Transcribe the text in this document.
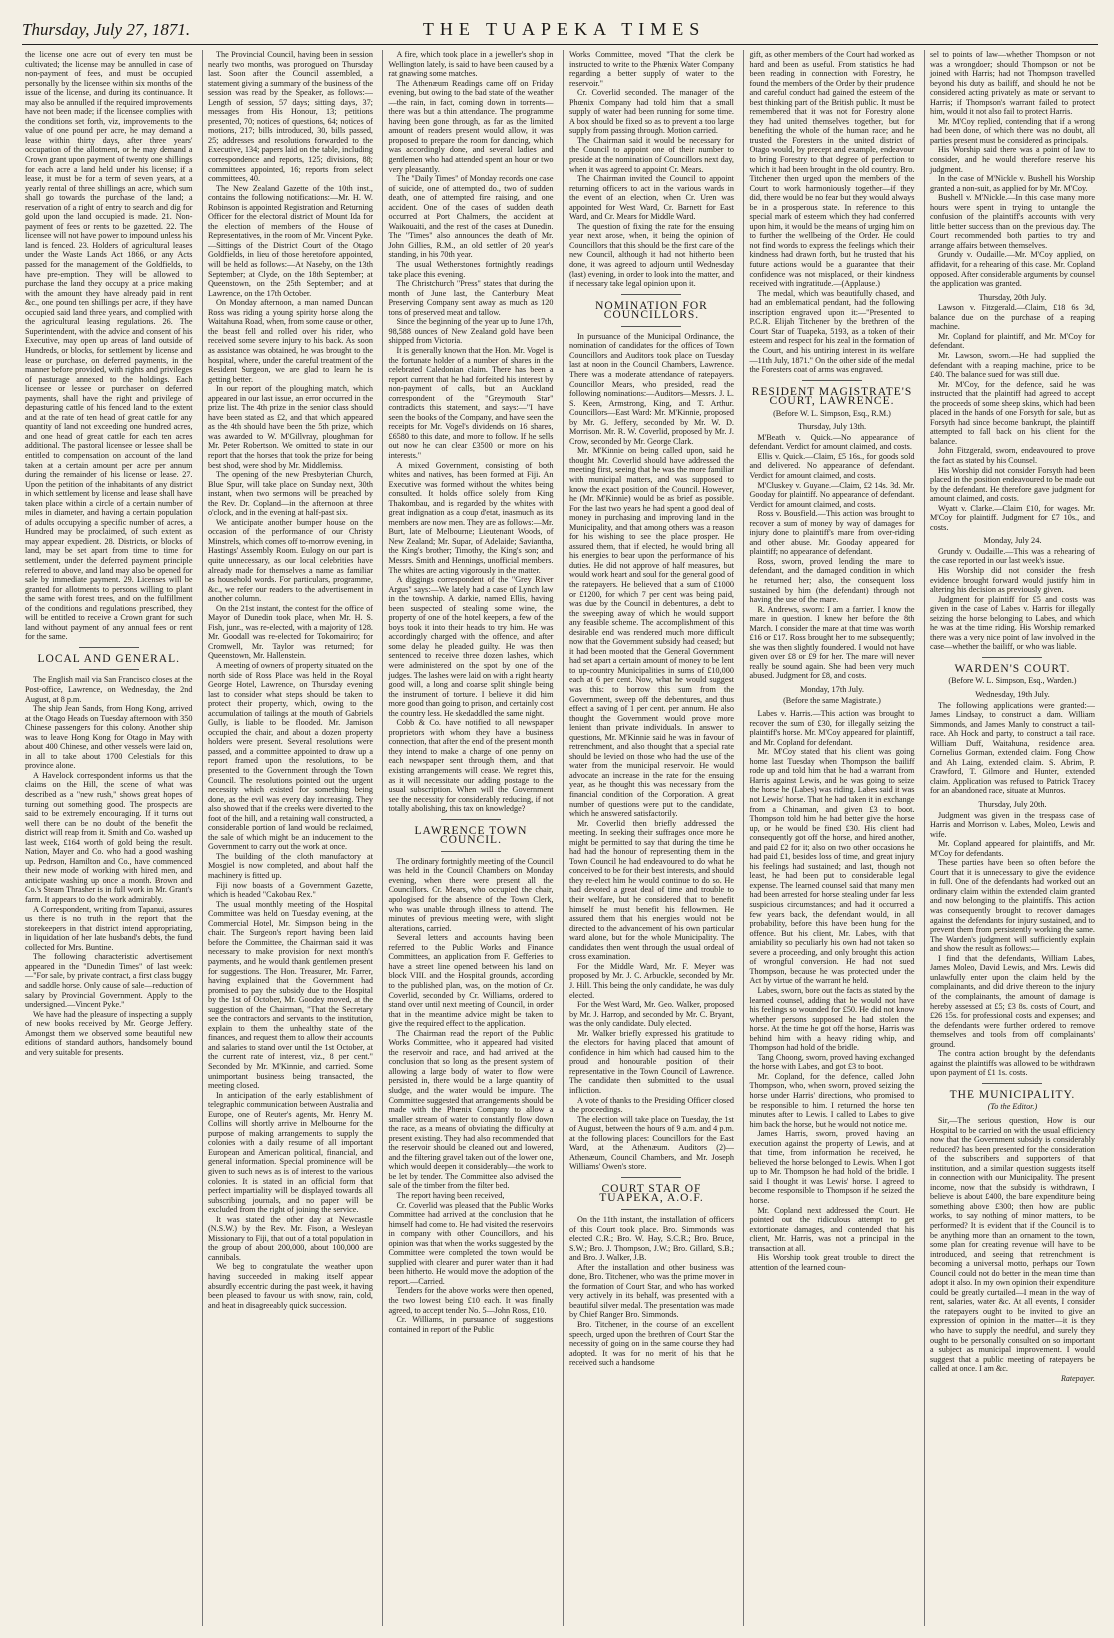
Thursday, July 27, 1871.	THE TUAPEKA TIMES

the license one acre out of every ten must be cultivated; the license may be annulled in case of non-payment of fees, and must be occupied personally by the licensee within six months of the issue of the license, and during its continuance. It may also be annulled if the required improvements have not been made; if the licensee complies with the conditions set forth, viz, improvements to the value of one pound per acre, he may demand a lease within thirty days, after three years' occupation of the allotment, or he may demand a Crown grant upon payment of twenty one shillings for each acre a land held under his license; if a lease, it must be for a term of seven years, at a yearly rental of three shillings an acre, which sum shall go towards the purchase of the land; a reservation of a right of entry to search and dig for gold upon the land occupied is made. 21. Non-payment of fees or rents to be gazetted. 22. The licensee will not have power to impound unless his land is fenced. 23. Holders of agricultural leases under the Waste Lands Act 1866, or any Acts passed for the management of the Goldfields, to have pre-emption. They will be allowed to purchase the land they occupy at a price making with the amount they have already paid in rent &c., one pound ten shillings per acre, if they have occupied said land three years, and complied with the agricultural leasing regulations. 26. The Superintendent, with the advice and consent of his Executive, may open up areas of land outside of Hundreds, or blocks, for settlement by license and lease or purchase, on deferred payments, in the manner before provided, with rights and privileges of pasturage annexed to the holdings. Each licensee or lessee or purchaser on deferred payments, shall have the right and privilege of depasturing cattle of his fenced land to the extent and at the rate of ten head of great cattle for any quantity of land not exceeding one hundred acres, and one head of great cattle for each ten acres additional. The pastoral licensee or lessee shall be entitled to compensation on account of the land taken at a certain amount per acre per annum during the remainder of his license or lease. 27. Upon the petition of the inhabitants of any district in which settlement by license and lease shall have taken place within a circle of a certain number of miles in diameter, and having a certain population of adults occupying a specific number of acres, a Hundred may be proclaimed, of such extent as may appear expedient. 28. Districts, or blocks of land, may be set apart from time to time for settlement, under the deferred payment principle referred to above, and land may also be opened for sale by immediate payment. 29. Licenses will be granted for allotments to persons willing to plant the same with forest trees, and on the fulfillment of the conditions and regulations prescribed, they will be entitled to receive a Crown grant for such land without payment of any annual fees or rent for the same.

LOCAL AND GENERAL.

The English mail via San Francisco closes at the Post-office, Lawrence, on Wednesday, the 2nd August, at 8 p.m.

The ship Jean Sands, from Hong Kong, arrived at the Otago Heads on Tuesday afternoon with 350 Chinese passengers for this colony. Another ship was to leave Hong Kong for Otago in May with about 400 Chinese, and other vessels were laid on, in all to take about 1700 Celestials for this province alone.

A Havelock correspondent informs us that the claims on the Hill, the scene of what was described as a "new rush," shows great hopes of turning out something good. The prospects are said to be extremely encouraging. If it turns out well there can be no doubt of the benefit the district will reap from it. Smith and Co. washed up last week, £164 worth of gold being the result. Nation, Mayer and Co. who had a good washing up. Pedrson, Hamilton and Co., have commenced their new mode of working with hired men, and anticipate washing up once a month. Brown and Co.'s Steam Thrasher is in full work in Mr. Grant's farm. It appears to do the work admirably.

A Correspondent, writing from Tapanui, assures us there is no truth in the report that the storekeepers in that district intend appropriating, in liquidation of her late husband's debts, the fund collected for Mrs. Buntine.

The following characteristic advertisement appeared in the "Dunedin Times" of last week:—"For sale, by private contract, a first class buggy and saddle horse. Only cause of sale—reduction of salary by Provincial Government. Apply to the undersigned.—Vincent Pyke."

We have had the pleasure of inspecting a supply of new books received by Mr. George Jeffery. Amongst them we observed some beautiful new editions of standard authors, handsomely bound and very suitable for presents.

The Provincial Council, having been in session nearly two months, was prorogued on Thursday last. Soon after the Council assembled, a statement giving a summary of the business of the session was read by the Speaker, as follows:—Length of session, 57 days; sitting days, 37; messages from His Honour, 13; petitions presented, 70; notices of questions, 64; notices of motions, 217; bills introduced, 30, bills passed, 25; addresses and resolutions forwarded to the Executive, 134; papers laid on the table, including correspondence and reports, 125; divisions, 88; committees appointed, 16; reports from select committees, 40.

The New Zealand Gazette of the 10th inst., contains the following notifications:—Mr. H. W. Robinson is appointed Registration and Returning Officer for the electoral district of Mount Ida for the election of members of the House of Representatives, in the room of Mr. Vincent Pyke.—Sittings of the District Court of the Otago Goldfields, in lieu of those heretofore appointed, will be held as follows:—At Naseby, on the 13th September; at Clyde, on the 18th September; at Queenstown, on the 25th September; and at Lawrence, on the 17th October.

On Monday afternoon, a man named Duncan Ross was riding a young spirity horse along the Waitahuna Road, when, from some cause or other, the beast fell and rolled over his rider, who received some severe injury to his back. As soon as assistance was obtained, he was brought to the hospital, where, under the careful treatment of the Resident Surgeon, we are glad to learn he is getting better.

In our report of the ploughing match, which appeared in our last issue, an error occurred in the prize list. The 4th prize in the senior class should have been stated as £2, and that which appeared as the 4th should have been the 5th prize, which was awarded to W. M'Gillvray, ploughman for Mr. Peter Robertson. We omitted to state in our report that the horses that took the prize for being best shod, were shod by Mr. Middlemiss.

The opening of the new Presbyterian Church, Blue Spur, will take place on Sunday next, 30th instant, when two sermons will be preached by the Rev. Dr. Copland—in the afternoon at three o'clock, and in the evening at half-past six.

We anticipate another bumper house on the occasion of the performance of our Christy Minstrels, which comes off to-morrow evening, in Hastings' Assembly Room. Eulogy on our part is quite unnecessary, as our local celebrities have already made for themselves a name as familiar as household words. For particulars, programme, &c., we refer our readers to the advertisement in another column.

On the 21st instant, the contest for the office of Mayor of Dunedin took place, when Mr. H. S. Fish, junr., was re-elected, with a majority of 128. Mr. Goodall was re-elected for Tokomairiro; for Cromwell, Mr. Taylor was returned; for Queenstown, Mr. Hallenstein.

A meeting of owners of property situated on the north side of Ross Place was held in the Royal George Hotel, Lawrence, on Thursday evening last to consider what steps should be taken to protect their property, which, owing to the accumulation of tailings at the mouth of Gabriels Gully, is liable to be flooded. Mr. Jamison occupied the chair, and about a dozen property holders were present. Several resolutions were passed, and a committee appointed to draw up a report framed upon the resolutions, to be presented to the Government through the Town Council. The resolutions pointed out the urgent necessity which existed for something being done, as the evil was every day increasing. They also showed that if the creeks were diverted to the foot of the hill, and a retaining wall constructed, a considerable portion of land would be reclaimed, the sale of which might be an inducement to the Government to carry out the work at once.

The building of the cloth manufactory at Mosgiel is now completed, and about half the machinery is fitted up.

Fiji now boasts of a Government Gazette, which is headed "Cakobau Rex."

The usual monthly meeting of the Hospital Committee was held on Tuesday evening, at the Commercial Hotel, Mr. Simpson being in the chair. The Surgeon's report having been laid before the Committee, the Chairman said it was necessary to make provision for next month's payments, and he would thank gentlemen present for suggestions. The Hon. Treasurer, Mr. Farrer, having explained that the Government had promised to pay the subsidy due to the Hospital by the 1st of October, Mr. Goodey moved, at the suggestion of the Chairman, "That the Secretary see the contractors and servants to the institution, explain to them the unhealthy state of the finances, and request them to allow their accounts and salaries to stand over until the 1st October, at the current rate of interest, viz., 8 per cent." Seconded by Mr. M'Kinnie, and carried. Some unimportant business being transacted, the meeting closed.

In anticipation of the early establishment of telegraphic communication between Australia and Europe, one of Reuter's agents, Mr. Henry M. Collins will shortly arrive in Melbourne for the purpose of making arrangements to supply the colonies with a daily resume of all important European and American political, financial, and general information. Special prominence will be given to such news as is of interest to the various colonies. It is stated in an official form that perfect impartiality will be displayed towards all subscribing journals, and no paper will be excluded from the right of joining the service.

It was stated the other day at Newcastle (N.S.W.) by the Rev. Mr. Fison, a Wesleyan Missionary to Fiji, that out of a total population in the group of about 200,000, about 100,000 are cannibals.

We beg to congratulate the weather upon having succeeded in making itself appear absurdly eccentric during the past week, it having been pleased to favour us with snow, rain, cold, and heat in disagreeably quick succession.

A fire, which took place in a jeweller's shop in Wellington lately, is said to have been caused by a rat gnawing some matches.

The Athenæum Readings came off on Friday evening, but owing to the bad state of the weather—the rain, in fact, coming down in torrents—there was but a thin attendance. The programme having been gone through, as far as the limited amount of readers present would allow, it was proposed to prepare the room for dancing, which was accordingly done, and several ladies and gentlemen who had attended spent an hour or two very pleasantly.

The "Daily Times" of Monday records one case of suicide, one of attempted do., two of sudden death, one of attempted fire raising, and one accident. One of the cases of sudden death occurred at Port Chalmers, the accident at Waikouaiti, and the rest of the cases at Dunedin. The "Times" also announces the death of Mr. John Gillies, R.M., an old settler of 20 year's standing, in his 70th year.

The usual Wetherstones fortnightly readings take place this evening.

The Christchurch "Press" states that during the month of June last, the Canterbury Meat Preserving Company sent away as much as 120 tons of preserved meat and tallow.

Since the beginning of the year up to June 17th, 98,588 ounces of New Zealand gold have been shipped from Victoria.

It is generally known that the Hon. Mr. Vogel is the fortunate holder of a number of shares in the celebrated Caledonian claim. There has been a report current that he had forfeited his interest by non-payment of calls, but an Auckland correspondent of the "Greymouth Star" contradicts this statement, and says:—"I have seen the books of the Company, and have seen the receipts for Mr. Vogel's dividends on 16 shares, £6580 to this date, and more to follow. If he sells out now he can clear £3500 or more on his interests."

A mixed Government, consisting of both whites and natives, has been formed at Fiji. An Executive was formed without the whites being consulted. It holds office solely from King Thakombau, and is regarded by the whites with great indignation as a coup d'etat, inasmuch as its members are now men. They are as follows:—Mr. Burt, late of Melbourne; Lieutenant Woods, of New Zealand; Mr. Supar, of Adelaide; Saviantha, the King's brother; Timothy, the King's son; and Messrs. Smith and Hennings, unofficial members. The whites are acting vigorously in the matter.

A diggings correspondent of the "Grey River Argus" says:—We lately had a case of Lynch law in the township. A darkie, named Ellis, having been suspected of stealing some wine, the property of one of the hotel keepers, a few of the boys took it into their heads to try him. He was accordingly charged with the offence, and after some delay he pleaded guilty. He was then sentenced to receive three dozen lashes, which were administered on the spot by one of the judges. The lashes were laid on with a right hearty good will, a long and coarse split shingle being the instrument of torture. I believe it did him more good than going to prison, and certainly cost the country less. He skedaddled the same night.

Cobb & Co. have notified to all newspaper proprietors with whom they have a business connection, that after the end of the present month they intend to make a charge of one penny on each newspaper sent through them, and that existing arrangements will cease. We regret this, as it will necessitate our adding postage to the usual subscription. When will the Government see the necessity for considerably reducing, if not totally abolishing, this tax on knowledge?

LAWRENCE TOWN COUNCIL.

The ordinary fortnightly meeting of the Council was held in the Council Chambers on Monday evening, when there were present all the Councillors. Cr. Mears, who occupied the chair, apologised for the absence of the Town Clerk, who was unable through illness to attend. The minutes of previous meeting were, with slight alterations, carried.

Several letters and accounts having been referred to the Public Works and Finance Committees, an application from F. Gefferies to have a street line opened between his land on block VIII. and the Hospital grounds, according to the published plan, was, on the motion of Cr. Coverlid, seconded by Cr. Williams, ordered to stand over until next meeting of Council, in order that in the meantime advice might be taken to give the required effect to the application.

The Chairman read the report of the Public Works Committee, who it appeared had visited the reservoir and race, and had arrived at the conclusion that so long as the present system of allowing a large body of water to flow were persisted in, there would be a large quantity of sludge, and the water would be impure. The Committee suggested that arrangements should be made with the Phœnix Company to allow a smaller stream of water to constantly flow down the race, as a means of obviating the difficulty at present existing. They had also recommended that the reservoir should be cleaned out and lowered, and the filtering gravel taken out of the lower one, which would deepen it considerably—the work to be let by tender. The Committee also advised the sale of the timber from the filter bed.

The report having been received,

Cr. Coverlid was pleased that the Public Works Committee had arrived at the conclusion that he himself had come to. He had visited the reservoirs in company with other Councillors, and his opinion was that when the works suggested by the Committee were completed the town would be supplied with clearer and purer water than it had been hitherto. He would move the adoption of the report.—Carried.

Tenders for the above works were then opened, the two lowest being £10 each. It was finally agreed, to accept tender No. 5—John Ross, £10.

Cr. Williams, in pursuance of suggestions contained in report of the Public

Works Committee, moved "That the clerk be instructed to write to the Phœnix Water Company regarding a better supply of water to the reservoir."

Cr. Coverlid seconded. The manager of the Phœnix Company had told him that a small supply of water had been running for some time. A box should be fixed so as to prevent a too large supply from passing through. Motion carried.

The Chairman said it would be necessary for the Council to appoint one of their number to preside at the nomination of Councillors next day, when it was agreed to appoint Cr. Mears.

The Chairman invited the Council to appoint returning officers to act in the various wards in the event of an election, when Cr. Uren was appointed for West Ward, Cr. Barnett for East Ward, and Cr. Mears for Middle Ward.

The question of fixing the rate for the ensuing year next arose, when, it being the opinion of Councillors that this should be the first care of the new Council, although it had not hitherto been done, it was agreed to adjourn until Wednesday (last) evening, in order to look into the matter, and if necessary take legal opinion upon it.

NOMINATION FOR COUNCILLORS.

In pursuance of the Municipal Ordinance, the nomination of candidates for the offices of Town Councillors and Auditors took place on Tuesday last at noon in the Council Chambers, Lawrence. There was a moderate attendance of ratepayers. Councillor Mears, who presided, read the following nominations:—Auditors—Messrs. J. L. S. Keen, Armstrong, King, and T. Arthur. Councillors—East Ward: Mr. M'Kinnie, proposed by Mr. G. Jeffery, seconded by Mr. W. D. Morrison. Mr. R. W. Coverlid, proposed by Mr. J. Crow, seconded by Mr. George Clark.

Mr. M'Kinnie on being called upon, said he thought Mr. Coverlid should have addressed the meeting first, seeing that he was the more familiar with municipal matters, and was supposed to know the exact position of the Council. However, he (Mr. M'Kinnie) would be as brief as possible. For the last two years he had spent a good deal of money in purchasing and improving land in the Municipality, and that among others was a reason for his wishing to see the place prosper. He assured them, that if elected, he would bring all his energies to bear upon the performance of his duties. He did not approve of half measures, but would work heart and soul for the general good of the ratepayers. He believed that a sum of £1000 or £1200, for which 7 per cent was being paid, was due by the Council in debentures, a debt to the sweeping away of which he would support any feasible scheme. The accomplishment of this desirable end was rendered much more difficult now that the Government subsidy had ceased; but it had been mooted that the General Government had set apart a certain amount of money to be lent to up-country Municipalities in sums of £10,000 each at 6 per cent. Now, what he would suggest was this: to borrow this sum from the Government, sweep off the debentures, and thus effect a saving of 1 per cent. per annum. He also thought the Government would prove more lenient than private individuals. In answer to questions, Mr. M'Kinnie said he was in favour of retrenchment, and also thought that a special rate should be levied on those who had the use of the water from the municipal reservoir. He would advocate an increase in the rate for the ensuing year, as he thought this was necessary from the financial condition of the Corporation. A great number of questions were put to the candidate, which he answered satisfactorily.

Mr. Coverlid then briefly addressed the meeting. In seeking their suffrages once more he might be permitted to say that during the time he had had the honour of representing them in the Town Council he had endeavoured to do what he conceived to be for their best interests, and should they re-elect him he would continue to do so. He had devoted a great deal of time and trouble to their welfare, but he considered that to benefit himself he must benefit his fellowmen. He assured them that his energies would not be directed to the advancement of his own particular ward alone, but for the whole Municipality. The candidates then went through the usual ordeal of cross examination.

For the Middle Ward, Mr. F. Meyer was proposed by Mr. J. C. Arbuckle, seconded by Mr. J. Hill. This being the only candidate, he was duly elected.

For the West Ward, Mr. Geo. Walker, proposed by Mr. J. Harrop, and seconded by Mr. C. Bryant, was the only candidate. Duly elected.

Mr. Walker briefly expressed his gratitude to the electors for having placed that amount of confidence in him which had caused him to the proud and honourable position of their representative in the Town Council of Lawrence. The candidate then submitted to the usual infliction.

A vote of thanks to the Presiding Officer closed the proceedings.

The election will take place on Tuesday, the 1st of August, between the hours of 9 a.m. and 4 p.m. at the following places: Councillors for the East Ward, at the Athenæum. Auditors (2)—Athenæum, Council Chambers, and Mr. Joseph Williams' Owen's store.

COURT STAR OF TUAPEKA, A.O.F.

On the 11th instant, the installation of officers of this Court took place. Bro. Simmonds was elected C.R.; Bro. W. Hay, S.C.R.; Bro. Bruce, S.W.; Bro. J. Thompson, J.W.; Bro. Gillard, S.B.; and Bro. J. Walker, J.B.

After the installation and other business was done, Bro. Titchener, who was the prime mover in the formation of Court Star, and who has worked very actively in its behalf, was presented with a beautiful silver medal. The presentation was made by Chief Ranger Bro. Simmonds.

Bro. Titchener, in the course of an excellent speech, urged upon the brethren of Court Star the necessity of going on in the same course they had adopted. It was for no merit of his that he received such a handsome

gift, as other members of the Court had worked as hard and been as useful. From statistics he had been reading in connection with Forestry, he found the members of the Order by their prudence and careful conduct had gained the esteem of the best thinking part of the British public. It must be remembered that it was not for Forestry alone they had united themselves together, but for benefiting the whole of the human race; and he trusted the Foresters in the united district of Otago would, by precept and example, endeavour to bring Forestry to that degree of perfection to which it had been brought in the old country. Bro. Titchener then urged upon the members of the Court to work harmoniously together—if they did, there would be no fear but they would always be in a prosperous state. In reference to this special mark of esteem which they had conferred upon him, it would be the means of urging him on to further the wellbeing of the Order. He could not find words to express the feelings which their kindness had drawn forth, but he trusted that his future actions would be a guarantee that their confidence was not misplaced, or their kindness received with ingratitude.—(Applause.)

The medal, which was beautifully chased, and had an emblematical pendant, had the following inscription engraved upon it:—"Presented to P.C.R. Elijah Titchener by the brethren of the Court Star of Tuapeka, 5193, as a token of their esteem and respect for his zeal in the formation of the Court, and his untiring interest in its welfare—11th July, 1871." On the other side of the medal the Foresters coat of arms was engraved.

RESIDENT MAGISTRATE'S COURT, LAWRENCE.
(Before W. L. Simpson, Esq., R.M.)
Thursday, July 13th.

M'Beath v. Quick.—No appearance of defendant. Verdict for amount claimed, and costs.

Ellis v. Quick.—Claim, £5 16s., for goods sold and delivered. No appearance of defendant. Verdict for amount claimed, and costs.

M'Cluskey v. Guyane.—Claim, £2 14s. 3d. Mr. Gooday for plaintiff. No appearance of defendant. Verdict for amount claimed, and costs.

Ross v. Bousfield.—This action was brought to recover a sum of money by way of damages for injury done to plaintiff's mare from over-riding and other abuse. Mr. Gooday appeared for plaintiff; no appearance of defendant.

Ross, sworn, proved lending the mare to defendant, and the damaged condition in which he returned her; also, the consequent loss sustained by him (the defendant) through not having the use of the mare.

R. Andrews, sworn: I am a farrier. I know the mare in question. I knew her before the 8th March. I consider the mare at that time was worth £16 or £17. Ross brought her to me subsequently; she was then slightly foundered. I would not have given over £8 or £9 for her. The mare will never really be sound again. She had been very much abused. Judgment for £8, and costs.

Monday, 17th July.
(Before the same Magistrate.)

Labes v. Harris.—This action was brought to recover the sum of £30, for illegally seizing the plaintiff's horse. Mr. M'Coy appeared for plaintiff, and Mr. Copland for defendant.

Mr. M'Coy stated that his client was going home last Tuesday when Thompson the bailiff rode up and told him that he had a warrant from Harris against Lewis, and he was going to seize the horse he (Labes) was riding. Labes said it was not Lewis' horse. That he had taken it in exchange from a Chinaman, and given £3 to boot. Thompson told him he had better give the horse up, or he would be fined £30. His client had consequently got off the horse, and hired another, and paid £2 for it; also on two other occasions he had paid £1, besides loss of time, and great injury his feelings had sustained; and last, though not least, he had been put to considerable legal expense. The learned counsel said that many men had been arrested for horse stealing under far less suspicious circumstances; and had it occurred a few years back, the defendant would, in all probability, before this have been hung for the offence. But his client, Mr. Labes, with that amiability so peculiarly his own had not taken so severe a proceeding, and only brought this action of wrongful conversion. He had not sued Thompson, because he was protected under the Act by virtue of the warrant he held.

Labes, sworn, bore out the facts as stated by the learned counsel, adding that he would not have his feelings so wounded for £50. He did not know whether persons supposed he had stolen the horse. At the time he got off the horse, Harris was behind him with a heavy riding whip, and Thompson had hold of the bridle.

Tang Choong, sworn, proved having exchanged the horse with Labes, and got £3 to boot.

Mr. Copland, for the defence, called John Thompson, who, when sworn, proved seizing the horse under Harris' directions, who promised to be responsible to him. I returned the horse ten minutes after to Lewis. I called to Labes to give him back the horse, but he would not notice me.

James Harris, sworn, proved having an execution against the property of Lewis, and at that time, from information he received, he believed the horse belonged to Lewis. When I got up to Mr. Thompson he had hold of the bridle. I said I thought it was Lewis' horse. I agreed to become responsible to Thompson if he seized the horse.

Mr. Copland next addressed the Court. He pointed out the ridiculous attempt to get extortionate damages, and contended that his client, Mr. Harris, was not a principal in the transaction at all.

His Worship took great trouble to direct the attention of the learned coun-

sel to points of law—whether Thompson or not was a wrongdoer; should Thompson or not be joined with Harris; had not Thompson travelled beyond his duty as bailiff, and should he not be considered acting privately as mate or servant to Harris; if Thompson's warrant failed to protect him, would it not also fail to protect Harris.

Mr. M'Coy replied, contending that if a wrong had been done, of which there was no doubt, all parties present must be considered as principals.

His Worship said there was a point of law to consider, and he would therefore reserve his judgment.

In the case of M'Nickle v. Bushell his Worship granted a non-suit, as applied for by Mr. M'Coy.

Bushell v. M'Nickle.—In this case many more hours were spent in trying to untangle the confusion of the plaintiff's accounts with very little better success than on the previous day. The Court recommended both parties to try and arrange affairs between themselves.

Grundy v. Oudaille.—Mr. M'Coy applied, on affidavit, for a rehearing of this case. Mr. Copland opposed. After considerable arguments by counsel the application was granted.

Thursday, 20th July.

Lawson v. Fitzgerald.—Claim, £18 6s 3d, balance due on the purchase of a reaping machine.

Mr. Copland for plaintiff, and Mr. M'Coy for defendant.

Mr. Lawson, sworn.—He had supplied the defendant with a reaping machine, price to be £40. The balance sued for was still due.

Mr. M'Coy, for the defence, said he was instructed that the plaintiff had agreed to accept the proceeds of some sheep skins, which had been placed in the hands of one Forsyth for sale, but as Forsyth had since become bankrupt, the plaintiff attempted to fall back on his client for the balance.

John Fitzgerald, sworn, endeavoured to prove the fact as stated by his Counsel.

His Worship did not consider Forsyth had been placed in the position endeavoured to be made out by the defendant. He therefore gave judgment for amount claimed, and costs.

Wyatt v. Clarke.—Claim £10, for wages. Mr. M'Coy for plaintiff. Judgment for £7 10s., and costs.

Monday, July 24.

Grundy v. Oudaille.—This was a rehearing of the case reported in our last week's issue.

His Worship did not consider the fresh evidence brought forward would justify him in altering his decision as previously given.

Judgment for plaintiff for £5 and costs was given in the case of Labes v. Harris for illegally seizing the horse belonging to Labes, and which he was at the time riding. His Worship remarked there was a very nice point of law involved in the case—whether the bailiff, or who was liable.

WARDEN'S COURT.
(Before W. L. Simpson, Esq., Warden.)
Wednesday, 19th July.

The following applications were granted:—James Lindsay, to construct a dam. William Simmonds, and James Manly to construct a tail-race. Ah Hock and party, to construct a tail race. William Duff, Waitahuna, residence area. Cornelius Gorman, extended claim. Fong Chow and Ah Laing, extended claim. S. Abrim, P. Crawford, T. Gilmore and Hunter, extended claim. Application was refused to Patrick Tracey for an abandoned race, situate at Munros.

Thursday, July 20th.

Judgment was given in the trespass case of Harris and Morrison v. Labes, Moleo, Lewis and wife.

Mr. Copland appeared for plaintiffs, and Mr. M'Coy for defendants.

These parties have been so often before the Court that it is unnecessary to give the evidence in full. One of the defendants had worked out an ordinary claim within the extended claim granted and now belonging to the plaintiffs. This action was consequently brought to recover damages against the defendants for injury sustained, and to prevent them from persistently working the same. The Warden's judgment will sufficiently explain and show the result as follows:—

I find that the defendants, William Labes, James Moleo, David Lewis, and Mrs. Lewis did unlawfully enter upon the claim held by the complainants, and did drive thereon to the injury of the complainants, the amount of damage is hereby assessed at £5; £3 8s. costs of Court, and £26 15s. for professional costs and expenses; and the defendants were further ordered to remove themselves and tools from off complainants' ground.

The contra action brought by the defendants against the plaintiffs was allowed to be withdrawn upon payment of £1 1s. costs.

THE MUNICIPALITY.
(To the Editor.)

Sir,—The serious question, How is our Hospital to be carried on with the usual efficiency now that the Government subsidy is considerably reduced? has been presented for the consideration of the subscribers and supporters of that institution, and a similar question suggests itself in connection with our Municipality. The present income, now that the subsidy is withdrawn, I believe is about £400, the bare expenditure being something above £300; then how are public works, to say nothing of minor matters, to be performed? It is evident that if the Council is to be anything more than an ornament to the town, some plan for creating revenue will have to be introduced, and seeing that retrenchment is becoming a universal motto, perhaps our Town Council could not do better in the mean time than adopt it also. In my own opinion their expenditure could be greatly curtailed—I mean in the way of rent, salaries, water &c. At all events, I consider the ratepayers ought to be invited to give an expression of opinion in the matter—it is they who have to supply the needful, and surely they ought to be personally consulted on so important a subject as municipal improvement. I would suggest that a public meeting of ratepayers be called at once. I am &c.

Ratepayer.
